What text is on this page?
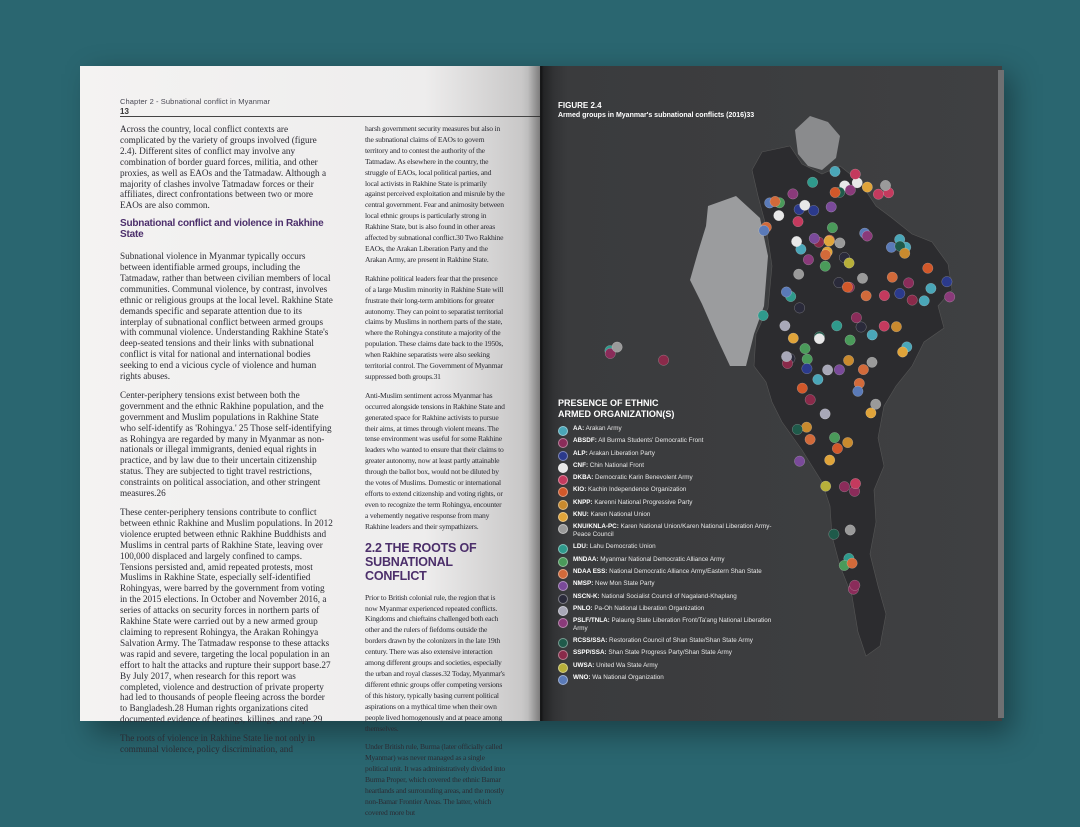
Chapter 2 - Subnational conflict in Myanmar
13

Across the country, local conflict contexts are complicated by the variety of groups involved (figure 2.4). Different sites of conflict may involve any combination of border guard forces, militia, and other proxies, as well as EAOs and the Tatmadaw. Although a majority of clashes involve Tatmadaw forces or their affiliates, direct confrontations between two or more EAOs are also common.

Subnational conflict and violence in Rakhine State

Subnational violence in Myanmar typically occurs between identifiable armed groups, including the Tatmadaw, rather than between civilian members of local communities. Communal violence, by contrast, involves ethnic or religious groups at the local level. Rakhine State demands specific and separate attention due to its interplay of subnational conflict between armed groups with communal violence. Understanding Rakhine State's deep-seated tensions and their links with subnational conflict is vital for national and international bodies seeking to end a vicious cycle of violence and human rights abuses.

Center-periphery tensions exist between both the government and the ethnic Rakhine population, and the government and Muslim populations in Rakhine State who self-identify as 'Rohingya.' 25 Those self-identifying as Rohingya are regarded by many in Myanmar as non-nationals or illegal immigrants, denied equal rights in practice, and by law due to their uncertain citizenship status. They are subjected to tight travel restrictions, constraints on political association, and other stringent measures.26

These center-periphery tensions contribute to conflict between ethnic Rakhine and Muslim populations. In 2012 violence erupted between ethnic Rakhine Buddhists and Muslims in central parts of Rakhine State, leaving over 100,000 displaced and largely confined to camps. Tensions persisted and, amid repeated protests, most Muslims in Rakhine State, especially self-identified Rohingyas, were barred by the government from voting in the 2015 elections. In October and November 2016, a series of attacks on security forces in northern parts of Rakhine State were carried out by a new armed group claiming to represent Rohingya, the Arakan Rohingya Salvation Army. The Tatmadaw response to these attacks was rapid and severe, targeting the local population in an effort to halt the attacks and rupture their support base.27 By July 2017, when research for this report was completed, violence and destruction of private property had led to thousands of people fleeing across the border to Bangladesh.28 Human rights organizations cited documented evidence of beatings, killings, and rape.29

The roots of violence in Rakhine State lie not only in communal violence, policy discrimination, and

harsh government security measures but also in the subnational claims of EAOs to govern territory and to contest the authority of the Tatmadaw. As elsewhere in the country, the struggle of EAOs, local political parties, and local activists in Rakhine State is primarily against perceived exploitation and misrule by the central government. Fear and animosity between local ethnic groups is particularly strong in Rakhine State, but is also found in other areas affected by subnational conflict.30 Two Rakhine EAOs, the Arakan Liberation Party and the Arakan Army, are present in Rakhine State.

Rakhine political leaders fear that the presence of a large Muslim minority in Rakhine State will frustrate their long-term ambitions for greater autonomy. They can point to separatist territorial claims by Muslims in northern parts of the state, where the Rohingya constitute a majority of the population. These claims date back to the 1950s, when Rakhine separatists were also seeking territorial control. The Government of Myanmar suppressed both groups.31

Anti-Muslim sentiment across Myanmar has occurred alongside tensions in Rakhine State and generated space for Rakhine activists to pursue their aims, at times through violent means. The tense environment was useful for some Rakhine leaders who wanted to ensure that their claims to greater autonomy, now at least partly attainable through the ballot box, would not be diluted by the votes of Muslims. Domestic or international efforts to extend citizenship and voting rights, or even to recognize the term Rohingya, encounter a vehemently negative response from many Rakhine leaders and their sympathizers.

2.2 THE ROOTS OF SUBNATIONAL CONFLICT

Prior to British colonial rule, the region that is now Myanmar experienced repeated conflicts. Kingdoms and chieftains challenged both each other and the rulers of fiefdoms outside the borders drawn by the colonizers in the late 19th century. There was also extensive interaction among different groups and societies, especially the urban and royal classes.32 Today, Myanmar's different ethnic groups offer competing versions of this history, typically basing current political aspirations on a mythical time when their own people lived homogenously and at peace among themselves.

Under British rule, Burma (later officially called Myanmar) was never managed as a single political unit. It was administratively divided into Burma Proper, which covered the ethnic Bamar heartlands and surrounding areas, and the mostly non-Bamar Frontier Areas. The latter, which covered more but

FIGURE 2.4
Armed groups in Myanmar's subnational conflicts (2016)33
PRESENCE OF ETHNIC ARMED ORGANIZATION(S)
AA: Arakan Army
ABSDF: All Burma Students' Democratic Front
ALP: Arakan Liberation Party
CNF: Chin National Front
DKBA: Democratic Karin Benevolent Army
KIO: Kachin Independence Organization
KNPP: Karenni National Progressive Party
KNU: Karen National Union
KNU/KNLA-PC: Karen National Union/Karen National Liberation Army-Peace Council
LDU: Lahu Democratic Union
MNDAA: Myanmar National Democratic Alliance Army
NDAA ESS: National Democratic Alliance Army/Eastern Shan State
NMSP: New Mon State Party
NSCN-K: National Socialist Council of Nagaland-Khaplang
PNLO: Pa-Oh National Liberation Organization
PSLF/TNLA: Palaung State Liberation Front/Ta'ang National Liberation Army
RCSS/SSA: Restoration Council of Shan State/Shan State Army
SSPP/SSA: Shan State Progress Party/Shan State Army
UWSA: United Wa State Army
WNO: Wa National Organization
